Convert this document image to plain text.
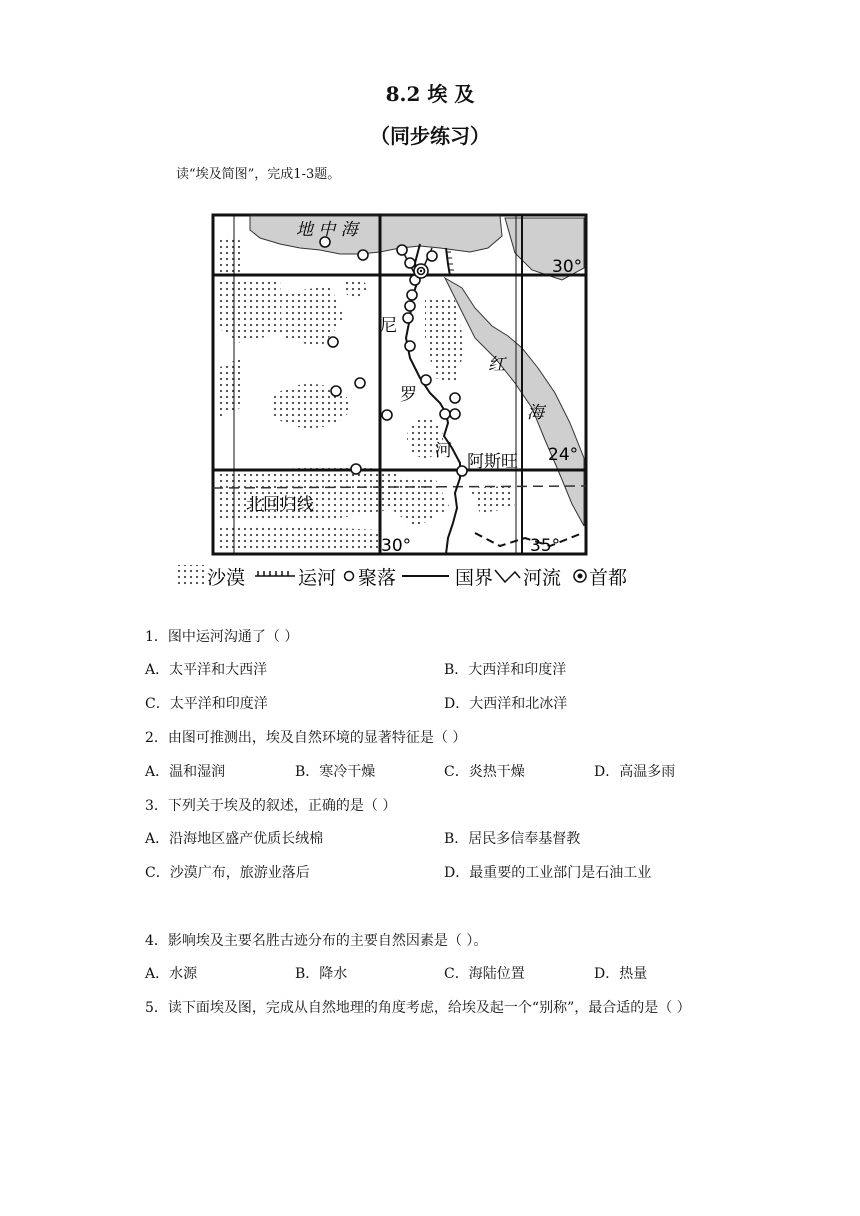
8.2 埃 及
（同步练习）
读“埃及简图”，完成1-3题。
地 中 海
尼
罗
河
红
海
阿斯旺
北回归线
30°
24°
30°	35°
沙漠	运河 聚落	国界 河流 首都
1．图中运河沟通了（ ）
A．太平洋和大西洋	B．大西洋和印度洋
C．太平洋和印度洋	D．大西洋和北冰洋
2．由图可推测出，埃及自然环境的显著特征是（ ）
A．温和湿润	B．寒冷干燥	C．炎热干燥	D．高温多雨
3．下列关于埃及的叙述，正确的是（ ）
A．沿海地区盛产优质长绒棉	B．居民多信奉基督教
C．沙漠广布，旅游业落后	D．最重要的工业部门是石油工业
4．影响埃及主要名胜古迹分布的主要自然因素是（ ）。
A．水源	B．降水	C．海陆位置	D．热量
5．读下面埃及图，完成从自然地理的角度考虑，给埃及起一个“别称”，最合适的是（ ）
